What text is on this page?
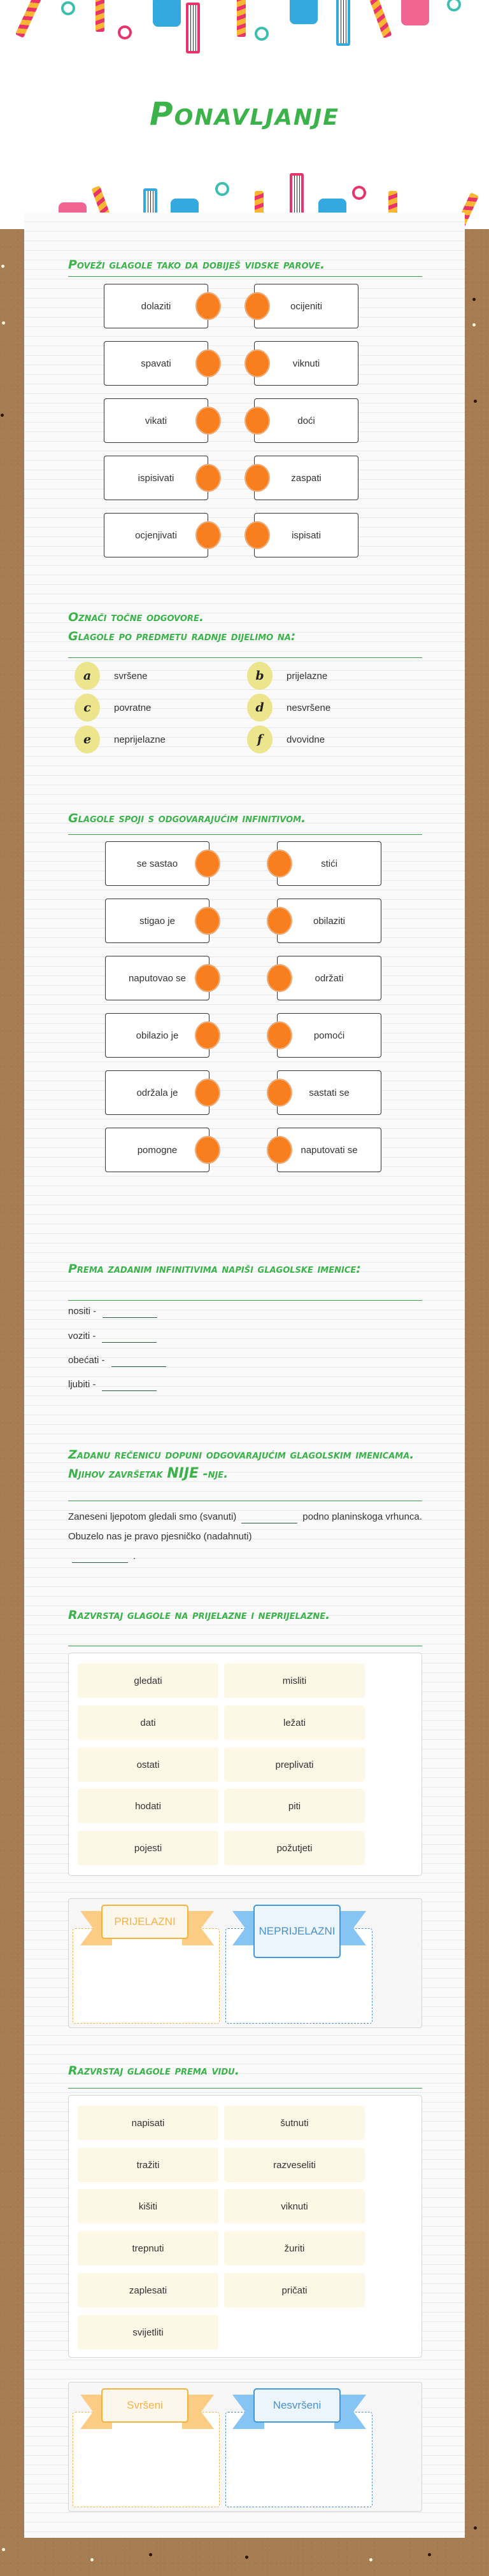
Ponavljanje
Poveži glagole tako da dobiješ vidske parove.
dolaziti	ocijeniti
spavati	viknuti
vikati	doći
ispisivati	zaspati
ocjenjivati	ispisati
Označi točne odgovore.
Glagole po predmetu radnje dijelimo na:
a	svršene	b	prijelazne
c	povratne	d	nesvršene
e	neprijelazne	f	dvovidne
Glagole spoji s odgovarajućim infinitivom.
se sastao	stići
stigao je	obilaziti
naputovao se	održati
obilazio je	pomoći
održala je	sastati se
pomogne	naputovati se
Prema zadanim infinitivima napiši glagolske imenice:
nositi -
voziti -
obećati -
ljubiti -
Zadanu rečenicu dopuni odgovarajućim glagolskim imenicama. Njihov završetak NIJE -nje.
Zaneseni ljepotom gledali smo (svanuti)	podno planinskoga vrhunca. Obuzelo nas je pravo pjesničko (nadahnuti)
.
Razvrstaj glagole na prijelazne i neprijelazne.
gledati	misliti
dati	ležati
ostati	preplivati
hodati	piti
pojesti	požutjeti
PRIJELAZNI
NEPRIJELAZNI
Razvrstaj glagole prema vidu.
napisati	šutnuti
tražiti	razveseliti
kišiti	viknuti
trepnuti	žuriti
zaplesati	pričati
svijetliti
Svršeni	Nesvršeni
